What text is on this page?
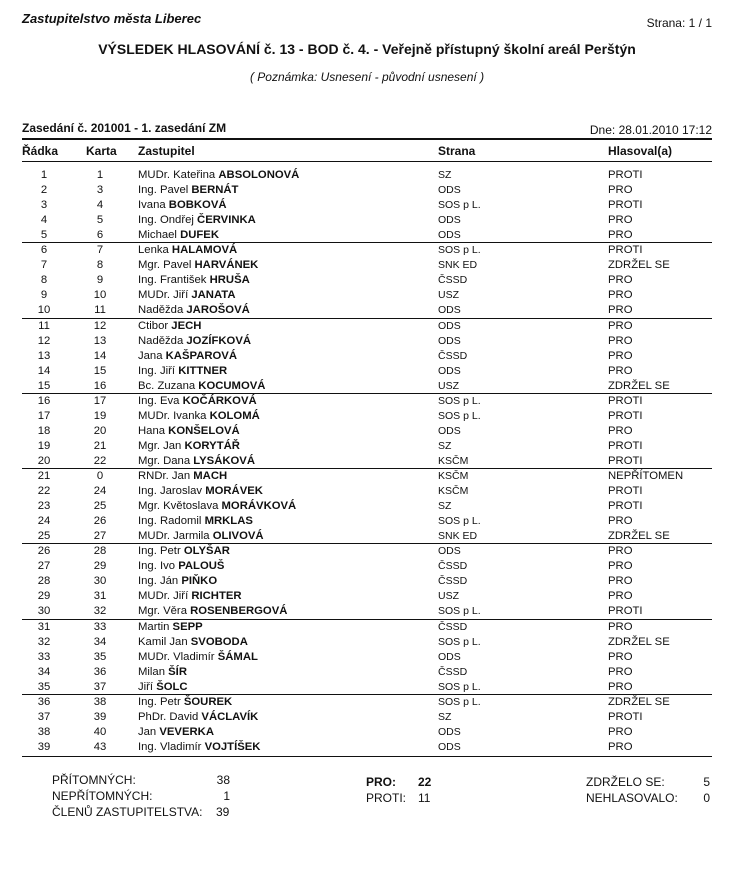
Zastupitelstvo města Liberec	Strana: 1 / 1
VÝSLEDEK HLASOVÁNÍ č. 13 - BOD č. 4. - Veřejně přístupný školní areál Perštýn
( Poznámka: Usnesení - původní usnesení )
Zasedání č. 201001 - 1. zasedání ZM	Dne: 28.01.2010 17:12
Řádka Karta Zastupitel	Strana	Hlasoval(a)
1	1	MUDr. Kateřina ABSOLONOVÁ	SZ	PROTI
2	3	Ing. Pavel BERNÁT	ODS	PRO
3	4	Ivana BOBKOVÁ	SOS p L.	PROTI
4	5	Ing. Ondřej ČERVINKA	ODS	PRO
5	6	Michael DUFEK	ODS	PRO
6	7	Lenka HALAMOVÁ	SOS p L.	PROTI
7	8	Mgr. Pavel HARVÁNEK	SNK ED	ZDRŽEL SE
8	9	Ing. František HRUŠA	ČSSD	PRO
9	10	MUDr. Jiří JANATA	USZ	PRO
10	11	Naděžda JAROŠOVÁ	ODS	PRO
11	12	Ctibor JECH	ODS	PRO
12	13	Naděžda JOZÍFKOVÁ	ODS	PRO
13	14	Jana KAŠPAROVÁ	ČSSD	PRO
14	15	Ing. Jiří KITTNER	ODS	PRO
15	16	Bc. Zuzana KOCUMOVÁ	USZ	ZDRŽEL SE
16	17	Ing. Eva KOČÁRKOVÁ	SOS p L.	PROTI
17	19	MUDr. Ivanka KOLOMÁ	SOS p L.	PROTI
18	20	Hana KONŠELOVÁ	ODS	PRO
19	21	Mgr. Jan KORYTÁŘ	SZ	PROTI
20	22	Mgr. Dana LYSÁKOVÁ	KSČM	PROTI
21	0	RNDr. Jan MACH	KSČM	NEPŘÍTOMEN
22	24	Ing. Jaroslav MORÁVEK	KSČM	PROTI
23	25	Mgr. Květoslava MORÁVKOVÁ	SZ	PROTI
24	26	Ing. Radomil MRKLAS	SOS p L.	PRO
25	27	MUDr. Jarmila OLIVOVÁ	SNK ED	ZDRŽEL SE
26	28	Ing. Petr OLYŠAR	ODS	PRO
27	29	Ing. Ivo PALOUŠ	ČSSD	PRO
28	30	Ing. Ján PIŇKO	ČSSD	PRO
29	31	MUDr. Jiří RICHTER	USZ	PRO
30	32	Mgr. Věra ROSENBERGOVÁ	SOS p L.	PROTI
31	33	Martin SEPP	ČSSD	PRO
32	34	Kamil Jan SVOBODA	SOS p L.	ZDRŽEL SE
33	35	MUDr. Vladimír ŠÁMAL	ODS	PRO
34	36	Milan ŠÍR	ČSSD	PRO
35	37	Jiří ŠOLC	SOS p L.	PRO
36	38	Ing. Petr ŠOUREK	SOS p L.	ZDRŽEL SE
37	39	PhDr. David VÁCLAVÍK	SZ	PROTI
38	40	Jan VEVERKA	ODS	PRO
39	43	Ing. Vladimír VOJTÍŠEK	ODS	PRO
PŘÍTOMNÝCH:	38
NEPŘÍTOMNÝCH:	1
ČLENŮ ZASTUPITELSTVA: 39
PRO: 22
PROTI: 11
ZDRŽELO SE:	5
NEHLASOVALO:	0
